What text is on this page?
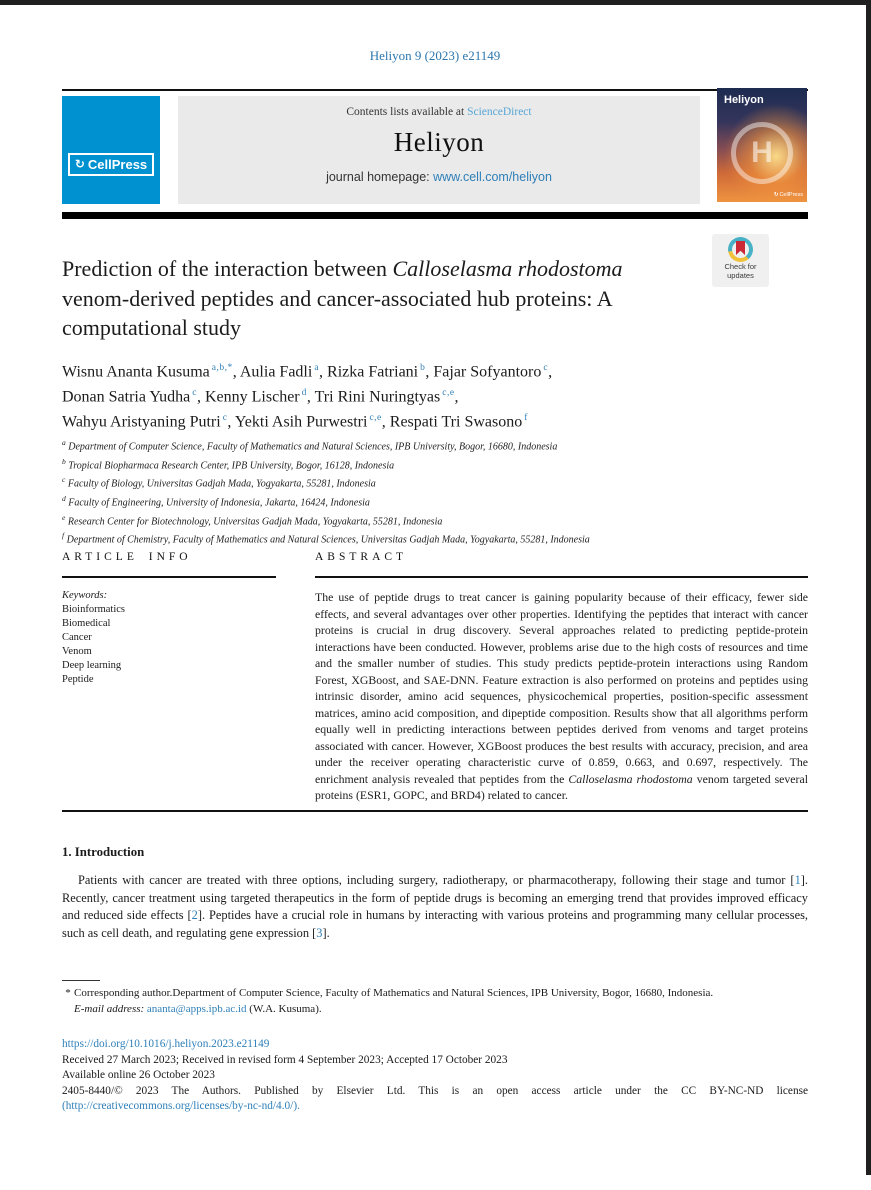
Heliyon 9 (2023) e21149
↻ CellPress
Contents lists available at ScienceDirect
Heliyon
journal homepage: www.cell.com/heliyon
Heliyon
H
↻ CellPress
Check for
updates
Prediction of the interaction between Calloselasma rhodostoma
venom-derived peptides and cancer-associated hub proteins: A
computational study
Wisnu Ananta Kusuma $^{a,b,*}$, Aulia Fadli $^a$, Rizka Fatriani $^b$, Fajar Sofyantoro $^c$,
Donan Satria Yudha $^c$, Kenny Lischer $^d$, Tri Rini Nuringtyas $^{c,e}$,
Wahyu Aristyaning Putri $^c$, Yekti Asih Purwestri $^{c,e}$, Respati Tri Swasono $^f$
$^a$ Department of Computer Science, Faculty of Mathematics and Natural Sciences, IPB University, Bogor, 16680, Indonesia
$^b$ Tropical Biopharmaca Research Center, IPB University, Bogor, 16128, Indonesia
$^c$ Faculty of Biology, Universitas Gadjah Mada, Yogyakarta, 55281, Indonesia
$^d$ Faculty of Engineering, University of Indonesia, Jakarta, 16424, Indonesia
$^e$ Research Center for Biotechnology, Universitas Gadjah Mada, Yogyakarta, 55281, Indonesia
$^f$ Department of Chemistry, Faculty of Mathematics and Natural Sciences, Universitas Gadjah Mada, Yogyakarta, 55281, Indonesia
ARTICLE INFO
Keywords:
Bioinformatics
Biomedical
Cancer
Venom
Deep learning
Peptide
ABSTRACT
The use of peptide drugs to treat cancer is gaining popularity because of their efficacy, fewer side effects, and several advantages over other properties. Identifying the peptides that interact with cancer proteins is crucial in drug discovery. Several approaches related to predicting peptide-protein interactions have been conducted. However, problems arise due to the high costs of resources and time and the smaller number of studies. This study predicts peptide-protein interactions using Random Forest, XGBoost, and SAE-DNN. Feature extraction is also performed on proteins and peptides using intrinsic disorder, amino acid sequences, physicochemical properties, position-specific assessment matrices, amino acid composition, and dipeptide composition. Results show that all algorithms perform equally well in predicting interactions between peptides derived from venoms and target proteins associated with cancer. However, XGBoost produces the best results with accuracy, precision, and area under the receiver operating characteristic curve of 0.859, 0.663, and 0.697, respectively. The enrichment analysis revealed that peptides from the Calloselasma rhodostoma venom targeted several proteins (ESR1, GOPC, and BRD4) related to cancer.
1. Introduction

Patients with cancer are treated with three options, including surgery, radiotherapy, or pharmacotherapy, following their stage and tumor [1]. Recently, cancer treatment using targeted therapeutics in the form of peptide drugs is becoming an emerging trend that provides improved efficacy and reduced side effects [2]. Peptides have a crucial role in humans by interacting with various proteins and programming many cellular processes, such as cell death, and regulating gene expression [3].

* Corresponding author.Department of Computer Science, Faculty of Mathematics and Natural Sciences, IPB University, Bogor, 16680, Indonesia.
E-mail address: ananta@apps.ipb.ac.id (W.A. Kusuma).
https://doi.org/10.1016/j.heliyon.2023.e21149
Received 27 March 2023; Received in revised form 4 September 2023; Accepted 17 October 2023
Available online 26 October 2023
2405-8440/© 2023 The Authors. Published by Elsevier Ltd. This is an open access article under the CC BY-NC-ND license
(http://creativecommons.org/licenses/by-nc-nd/4.0/).
